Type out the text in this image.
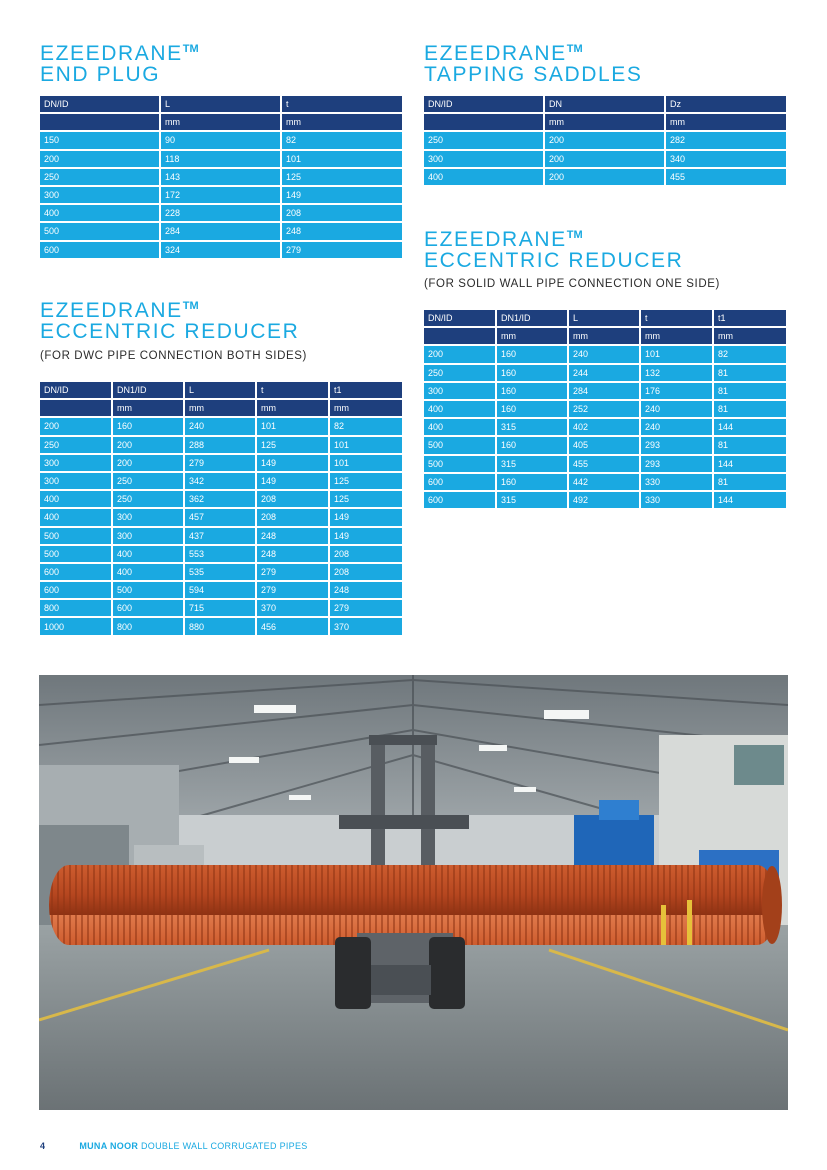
EZEEDRANE™
END PLUG
DN/ID	L	t
	mm	mm
150	90	82
200	118	101
250	143	125
300	172	149
400	228	208
500	284	248
600	324	279
EZEEDRANE™
TAPPING SADDLES
DN/ID	DN	Dz
	mm	mm
250	200	282
300	200	340
400	200	455
EZEEDRANE™
ECCENTRIC REDUCER

(FOR SOLID WALL PIPE CONNECTION ONE SIDE)

DN/ID	DN1/ID	L	t	t1
	mm	mm	mm	mm
200	160	240	101	82
250	160	244	132	81
300	160	284	176	81
400	160	252	240	81
400	315	402	240	144
500	160	405	293	81
500	315	455	293	144
600	160	442	330	81
600	315	492	330	144
EZEEDRANE™
ECCENTRIC REDUCER

(FOR DWC PIPE CONNECTION BOTH SIDES)

DN/ID	DN1/ID	L	t	t1
	mm	mm	mm	mm
200	160	240	101	82
250	200	288	125	101
300	200	279	149	101
300	250	342	149	125
400	250	362	208	125
400	300	457	208	149
500	300	437	248	149
500	400	553	248	208
600	400	535	279	208
600	500	594	279	248
800	600	715	370	279
1000	800	880	456	370
4	MUNA NOOR DOUBLE WALL CORRUGATED PIPES
